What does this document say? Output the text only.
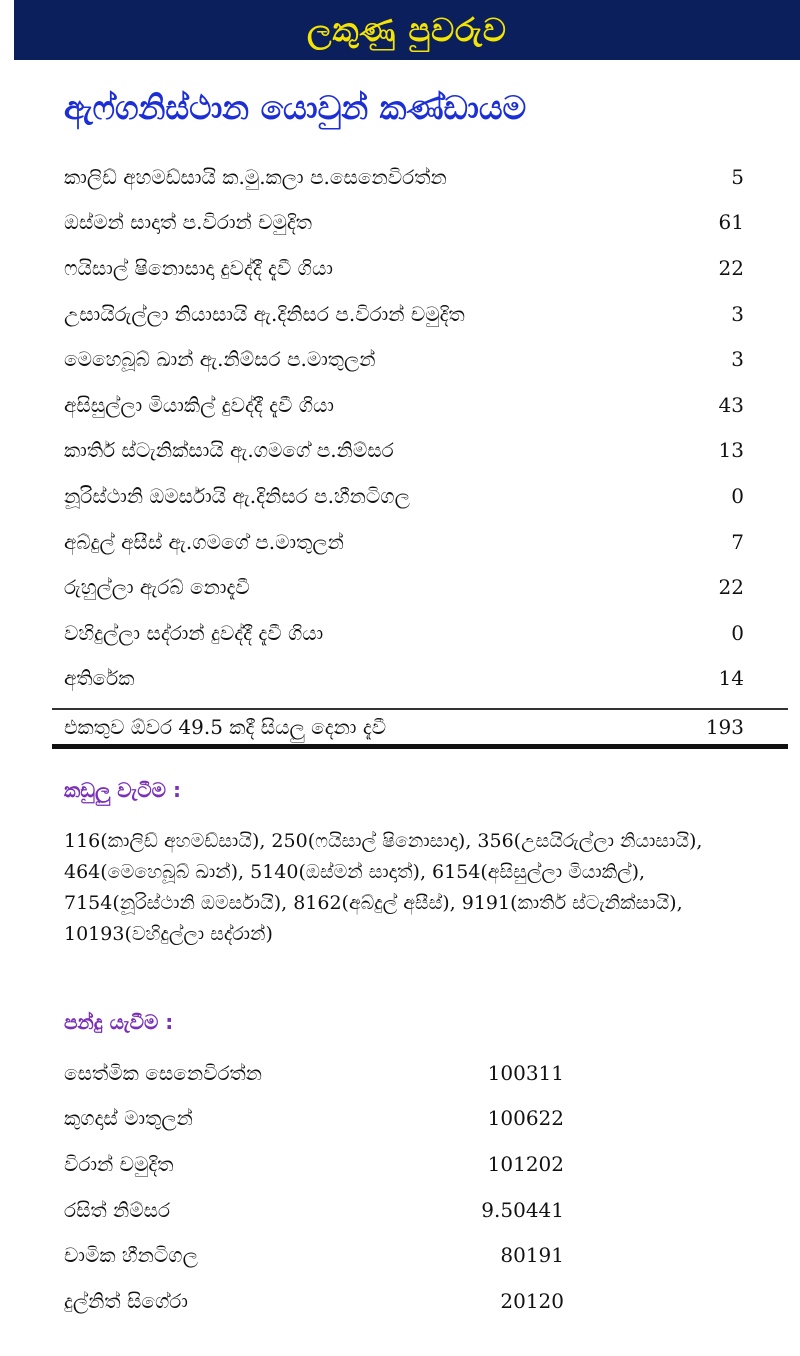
ලකුණු පුවරුව
ඇෆ්ගනිස්ථාන යොවුන් කණ්ඩායම
කාලිඩ් අහමඩ්සායි ක.මු.කලා ප.සෙනෙවිරත්න	5
ඔස්මන් සාදාත් ප.විරාන් චමුදිත	61
ෆයිසාල් ෂිනොසාදා දුවද්දී දැවී ගියා	22
උසායිරුල්ලා නියාසායි ඇ.දිනිසර ප.විරාන් චමුදිත	3
මෙහෙබූබ් ඛාන් ඇ.නිම්සර ප.මාතුලන්	3
අසිසුල්ලා මියාකිල් දුවද්දී දැවී ගියා	43
කාතිර් ස්ටැනික්සායි ඇ.ගමගේ ප.නිම්සර	13
නූරිස්ථානි ඔමර්සායි ඇ.දිනිසර ප.හීනටිගල	0
අබ්දුල් අසීස් ඇ.ගමගේ ප.මාතුලන්	7
රුහුල්ලා ඇරබ් නොදැවී	22
වහිදුල්ලා සද්රාන් දුවද්දී දැවී ගියා	0
අතිරේක	14
එකතුව ඕවර 49.5 කදී සියලු දෙනා දැවී	193
කඩුලු වැටීම :
116(කාලිඩ් අහමඩ්සායි), 250(ෆයිසාල් ෂිනොසාදා), 356(උසයිරුල්ලා නියාසායි), 464(මෙහෙබූබ් ඛාන්), 5140(ඔස්මන් සාදාත්), 6154(අසිසුල්ලා මියාකිල්), 7154(නූරිස්ථානි ඔමර්සායි), 8162(අබ්දුල් අසීස්), 9191(කාතිර් ස්ටැනික්සායි), 10193(වහිදුල්ලා සද්රාන්)
පන්දු යැවීම :
සෙත්මික සෙනෙවිරත්න	100311
කුගදාස් මාතුලන්	100622
විරාන් චමුදිත	101202
රසිත් නිම්සර	9.50441
චාමික හීනටිගල	80191
දුල්නිත් සිගේරා	20120
